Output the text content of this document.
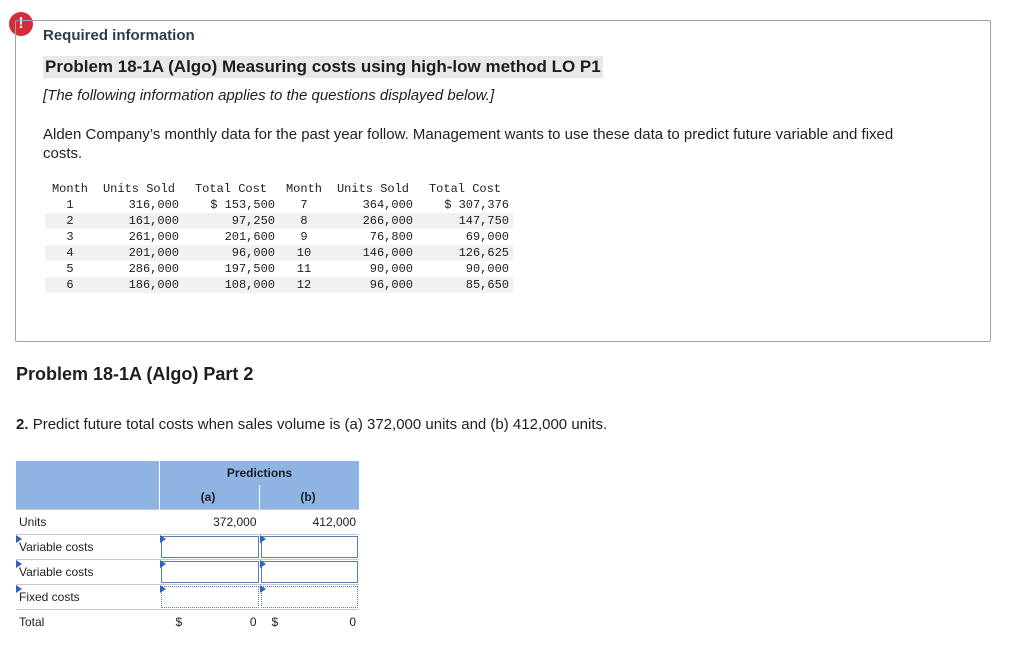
!
Required information
Problem 18-1A (Algo) Measuring costs using high-low method LO P1
[The following information applies to the questions displayed below.]
Alden Company’s monthly data for the past year follow. Management wants to use these data to predict future variable and fixed costs.
Month	Units Sold	Total Cost	Month	Units Sold	Total Cost
1	316,000	$ 153,500	7	364,000	$ 307,376
2	161,000	97,250	8	266,000	147,750
3	261,000	201,600	9	76,800	69,000
4	201,000	96,000	10	146,000	126,625
5	286,000	197,500	11	90,000	90,000
6	186,000	108,000	12	96,000	85,650
Problem 18-1A (Algo) Part 2
2. Predict future total costs when sales volume is (a) 372,000 units and (b) 412,000 units.
	Predictions	
	(a)	(b)
Units	372,000	412,000
Variable costs	

Variable costs	

Fixed costs	

Total	$ 0	$ 0
